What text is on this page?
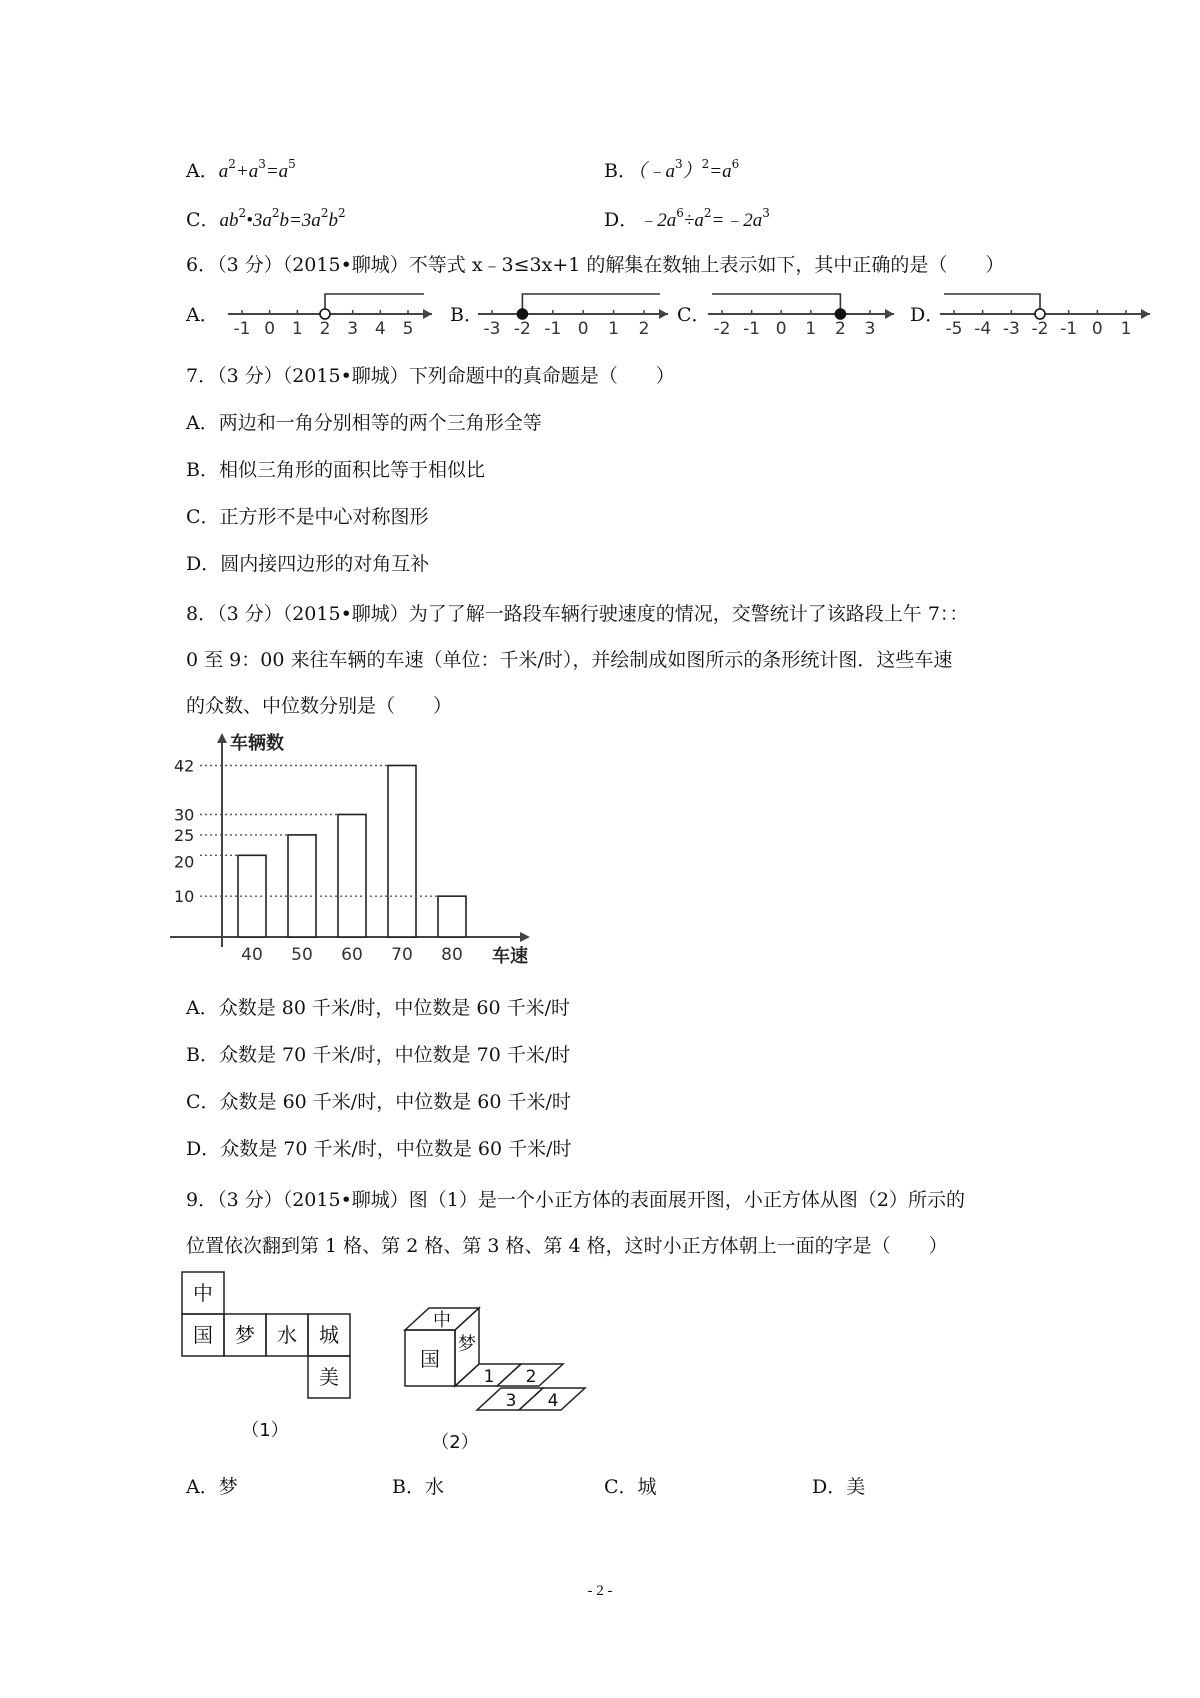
A．$a^2+a^3=a^5$	B．$(﹣a^3)^2=a^6$
C．$ab^2•3a^2b=3a^2b^2$	D．$﹣2a^6\div a^2=﹣2a^3$
6．（3 分）（2015•聊城）不等式 x﹣3≤3x+1 的解集在数轴上表示如下，其中正确的是（　　）
A．	B．	C．	D．
-1 0 1 2 3 4 5	-3 -2 -1 0 1 2	-2 -1 0 1 2 3	-5 -4 -3 -2 -1 0 1
7．（3 分）（2015•聊城）下列命题中的真命题是（　　）
A．两边和一角分别相等的两个三角形全等
B．相似三角形的面积比等于相似比
C．正方形不是中心对称图形
D．圆内接四边形的对角互补
8．（3 分）（2015•聊城）为了了解一路段车辆行驶速度的情况，交警统计了该路段上午 7：：
0 至 9：00 来往车辆的车速（单位：千米/时），并绘制成如图所示的条形统计图．这些车速
的众数、中位数分别是（　　）
车辆数
车速
40 50 60 70 80
10
20
25
30
42
A．众数是 80 千米/时，中位数是 60 千米/时
B．众数是 70 千米/时，中位数是 70 千米/时
C．众数是 60 千米/时，中位数是 60 千米/时
D．众数是 70 千米/时，中位数是 60 千米/时
9．（3 分）（2015•聊城）图（1）是一个小正方体的表面展开图，小正方体从图（2）所示的
位置依次翻到第 1 格、第 2 格、第 3 格、第 4 格，这时小正方体朝上一面的字是（　　）
中
国 梦 水 城
美
（1）
中
国
梦
1 2
3 4
（2）
A．梦	B．水	C．城	D．美
- 2 -
